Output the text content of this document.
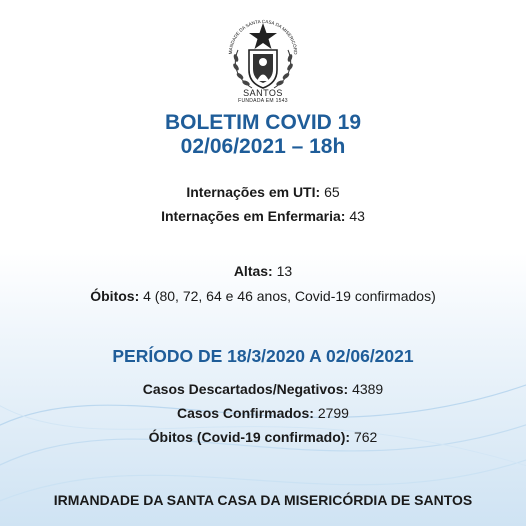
MANDADE DA SANTA CASA DA MISERICÓRD
SANTOS
FUNDADA EM 1543
BOLETIM COVID 19
02/06/2021 – 18h
Internações em UTI: 65
Internações em Enfermaria: 43
Altas: 13
Óbitos: 4 (80, 72, 64 e 46 anos, Covid-19 confirmados)
PERÍODO DE 18/3/2020 A 02/06/2021
Casos Descartados/Negativos: 4389
Casos Confirmados: 2799
Óbitos (Covid-19 confirmado): 762
IRMANDADE DA SANTA CASA DA MISERICÓRDIA DE SANTOS
